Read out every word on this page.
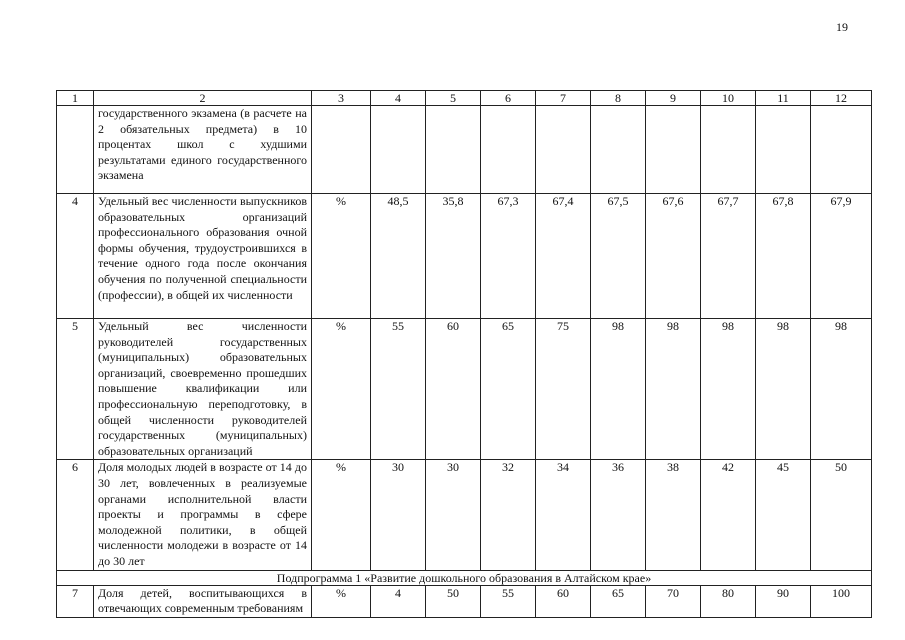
19
1	2	3	4	5	6	7	8	9	10	11	12
	государственного экзамена (в расчете на 2 обязательных предмета) в 10 процентах школ с худшими результатами единого государственного экзамена										
4	Удельный вес численности выпускников образовательных организаций профессионального образования очной формы обучения, трудоустроившихся в течение одного года после окончания обучения по полученной специальности (профессии), в общей их численности	%	48,5	35,8	67,3	67,4	67,5	67,6	67,7	67,8	67,9
5	Удельный вес численности руководителей государственных (муниципальных) образовательных организаций, своевременно прошедших повышение квалификации или профессиональную переподготовку, в общей численности руководителей государственных (муниципальных) образовательных организаций	%	55	60	65	75	98	98	98	98	98
6	Доля молодых людей в возрасте от 14 до 30 лет, вовлеченных в реализуемые органами исполнительной власти проекты и программы в сфере молодежной политики, в общей численности молодежи в возрасте от 14 до 30 лет	%	30	30	32	34	36	38	42	45	50
Подпрограмма 1 «Развитие дошкольного образования в Алтайском крае»											
7	Доля детей, воспитывающихся в отвечающих современным требованиям	%	4	50	55	60	65	70	80	90	100
